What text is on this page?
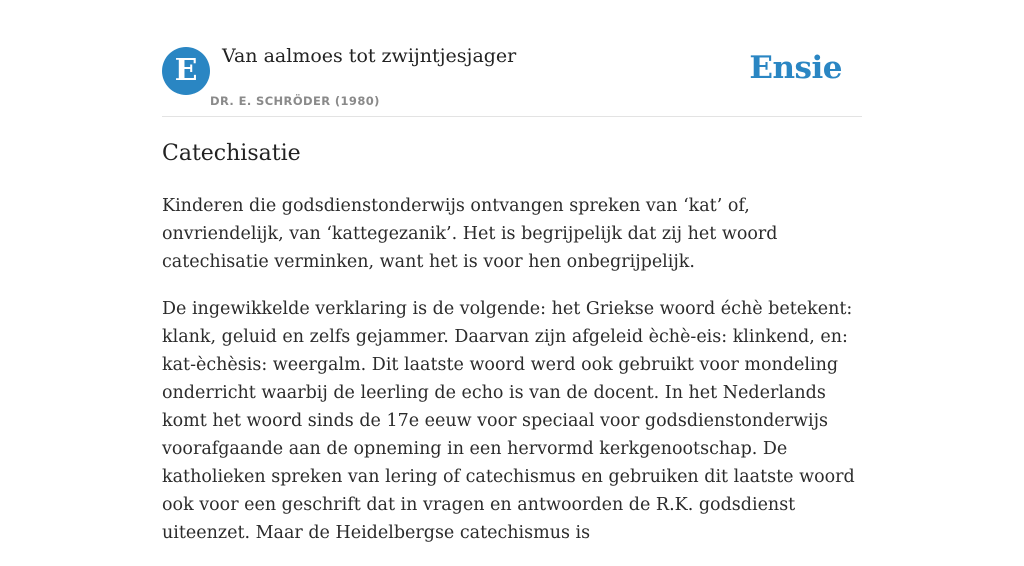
E	Van aalmoes tot zwijntjesjager
DR. E. SCHRÖDER (1980)
Ensie
Catechisatie

Kinderen die godsdienstonderwijs ontvangen spreken van ‘kat’ of, onvriendelijk, van ‘kattegezanik’. Het is begrijpelijk dat zij het woord catechisatie verminken, want het is voor hen onbegrijpelijk.

De ingewikkelde verklaring is de volgende: het Griekse woord échè betekent: klank, geluid en zelfs gejammer. Daarvan zijn afgeleid èchè-eis: klinkend, en: kat-èchèsis: weergalm. Dit laatste woord werd ook gebruikt voor mondeling onderricht waarbij de leerling de echo is van de docent. In het Nederlands komt het woord sinds de 17e eeuw voor speciaal voor godsdienstonderwijs voorafgaande aan de opneming in een hervormd kerkgenootschap. De katholieken spreken van lering of catechismus en gebruiken dit laatste woord ook voor een geschrift dat in vragen en antwoorden de R.K. godsdienst uiteenzet. Maar de Heidelbergse catechismus is
